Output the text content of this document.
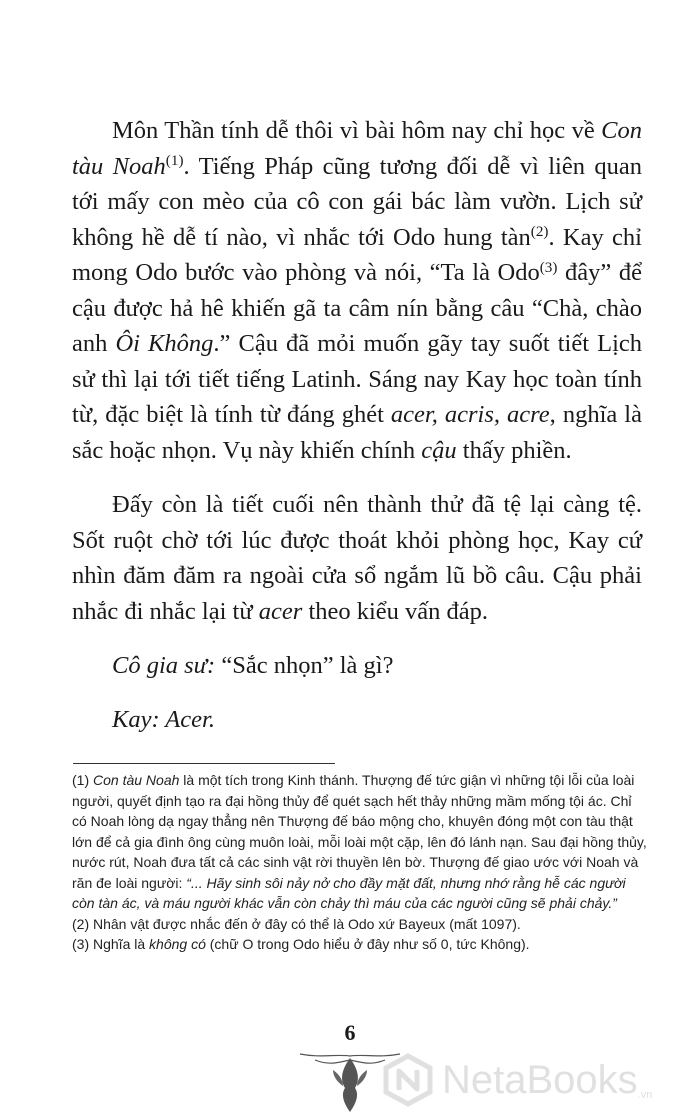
Môn Thần tính dễ thôi vì bài hôm nay chỉ học về Con tàu Noah$^{(1)}$. Tiếng Pháp cũng tương đối dễ vì liên quan tới mấy con mèo của cô con gái bác làm vườn. Lịch sử không hề dễ tí nào, vì nhắc tới Odo hung tàn$^{(2)}$. Kay chỉ mong Odo bước vào phòng và nói, “Ta là Odo$^{(3)}$ đây” để cậu được hả hê khiến gã ta câm nín bằng câu “Chà, chào anh Ôi Không.” Cậu đã mỏi muốn gãy tay suốt tiết Lịch sử thì lại tới tiết tiếng Latinh. Sáng nay Kay học toàn tính từ, đặc biệt là tính từ đáng ghét acer, acris, acre, nghĩa là sắc hoặc nhọn. Vụ này khiến chính cậu thấy phiền.

Đấy còn là tiết cuối nên thành thử đã tệ lại càng tệ. Sốt ruột chờ tới lúc được thoát khỏi phòng học, Kay cứ nhìn đăm đăm ra ngoài cửa sổ ngắm lũ bồ câu. Cậu phải nhắc đi nhắc lại từ acer theo kiểu vấn đáp.

Cô gia sư: “Sắc nhọn” là gì?

Kay: Acer.

(1) Con tàu Noah là một tích trong Kinh thánh. Thượng đế tức giận vì những tội lỗi của loài người, quyết định tạo ra đại hồng thủy để quét sạch hết thảy những mầm mống tội ác. Chỉ có Noah lòng dạ ngay thẳng nên Thượng đế báo mộng cho, khuyên đóng một con tàu thật lớn để cả gia đình ông cùng muôn loài, mỗi loài một cặp, lên đó lánh nạn. Sau đại hồng thủy, nước rút, Noah đưa tất cả các sinh vật rời thuyền lên bờ. Thượng đế giao ước với Noah và răn đe loài người: “... Hãy sinh sôi nảy nở cho đầy mặt đất, nhưng nhớ rằng hễ các người còn tàn ác, và máu người khác vẫn còn chảy thì máu của các người cũng sẽ phải chảy.”

(2) Nhân vật được nhắc đến ở đây có thể là Odo xứ Bayeux (mất 1097).

(3) Nghĩa là không có (chữ O trong Odo hiểu ở đây như số 0, tức Không).

6
NetaBooks .vn
